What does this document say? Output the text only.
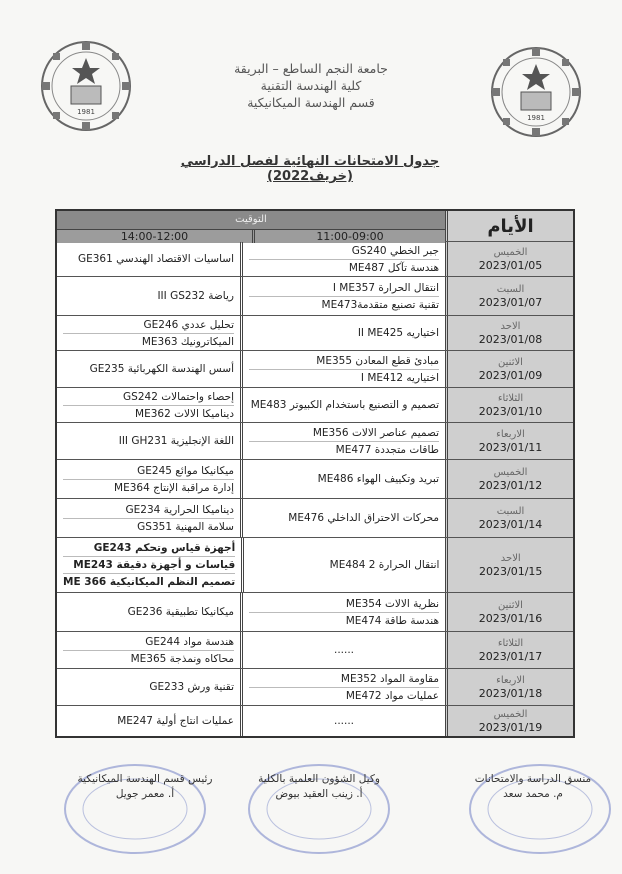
1981
1981
جامعة النجم الساطع – البريقة
كلية الهندسة التقنية
قسم الهندسة الميكانيكية
جدول الامتحانات النهائية لفصل الدراسي (خريف2022)
الأيام
التوقيت
11:00-09:00
14:00-12:00
الخميس
2023/01/05
جبر الخطي GS240
هندسة تآكل ME487
اساسيات الاقتصاد الهندسي GE361
السبت
2023/01/07
انتقال الحرارة I ME357
تقنية تصنيع متقدمةME473
رياضة III GS232
الاحد
2023/01/08
اختياريه II ME425
تحليل عددي GE246
الميكاترونيك ME363
الاثنين
2023/01/09
مبادئ قطع المعادن ME355
اختياريه I ME412
أسس الهندسة الكهربائية GE235
الثلاثاء
2023/01/10
تصميم و التصنيع باستخدام الكبيوتر ME483
إحصاء واحتمالات GS242
ديناميكا الالات ME362
الاربعاء
2023/01/11
تصميم عناصر الالات ME356
طاقات متجددة ME477
اللغة الإنجليزية III GH231
الخميس
2023/01/12
تبريد وتكييف الهواء ME486
ميكانيكا موائع GE245
إدارة مراقبة الإنتاج ME364
السبت
2023/01/14
محركات الاحتراق الداخلي ME476
ديناميكا الحرارية GE234
سلامة المهنية GS351
الاحد
2023/01/15
انتقال الحرارة 2 ME484
أجهزة قياس وتحكم GE243
قياسات و أجهزة دقيقة ME243
تصميم النظم الميكانيكية ME 366
الاثنين
2023/01/16
نظرية الالات ME354
هندسة طاقة ME474
ميكانيكا تطبيقية GE236
الثلاثاء
2023/01/17
......
هندسة مواد GE244
محاكاه ونمذجة ME365
الاربعاء
2023/01/18
مقاومة المواد ME352
عمليات مواد ME472
تقنية ورش GE233
الخميس
2023/01/19
......
عمليات انتاج أولية ME247
منسق الدراسة والامتحانات
م. محمد سعد
وكيل الشؤون العلمية بالكلية
أ. زينب العقيد بيوض
رئيس قسم الهندسة الميكانيكية
أ. معمر جويل
